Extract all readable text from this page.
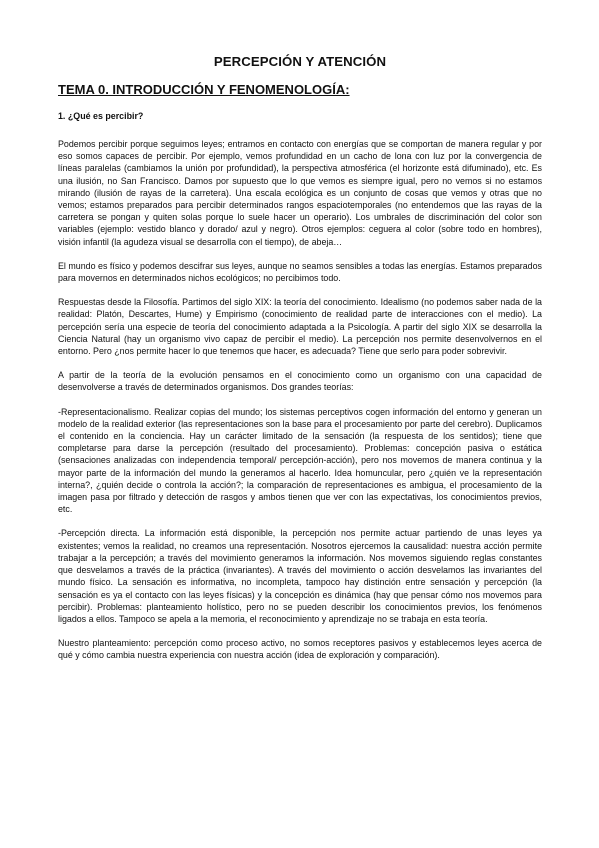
PERCEPCIÓN Y ATENCIÓN
TEMA 0. INTRODUCCIÓN Y FENOMENOLOGÍA:

1. ¿Qué es percibir?

Podemos percibir porque seguimos leyes; entramos en contacto con energías que se comportan de manera regular y por eso somos capaces de percibir. Por ejemplo, vemos profundidad en un cacho de lona con luz por la convergencia de líneas paralelas (cambiamos la unión por profundidad), la perspectiva atmosférica (el horizonte está difuminado), etc. Es una ilusión, no San Francisco. Damos por supuesto que lo que vemos es siempre igual, pero no vemos si no estamos mirando (ilusión de rayas de la carretera). Una escala ecológica es un conjunto de cosas que vemos y otras que no vemos; estamos preparados para percibir determinados rangos espaciotemporales (no entendemos que las rayas de la carretera se pongan y quiten solas porque lo suele hacer un operario). Los umbrales de discriminación del color son variables (ejemplo: vestido blanco y dorado/ azul y negro). Otros ejemplos: ceguera al color (sobre todo en hombres), visión infantil (la agudeza visual se desarrolla con el tiempo), de abeja…

El mundo es físico y podemos descifrar sus leyes, aunque no seamos sensibles a todas las energías. Estamos preparados para movernos en determinados nichos ecológicos; no percibimos todo.

Respuestas desde la Filosofía. Partimos del siglo XIX: la teoría del conocimiento. Idealismo (no podemos saber nada de la realidad: Platón, Descartes, Hume) y Empirismo (conocimiento de realidad parte de interacciones con el medio). La percepción sería una especie de teoría del conocimiento adaptada a la Psicología. A partir del siglo XIX se desarrolla la Ciencia Natural (hay un organismo vivo capaz de percibir el medio). La percepción nos permite desenvolvernos en el entorno. Pero ¿nos permite hacer lo que tenemos que hacer, es adecuada? Tiene que serlo para poder sobrevivir.

A partir de la teoría de la evolución pensamos en el conocimiento como un organismo con una capacidad de desenvolverse a través de determinados organismos. Dos grandes teorías:

-Representacionalismo. Realizar copias del mundo; los sistemas perceptivos cogen información del entorno y generan un modelo de la realidad exterior (las representaciones son la base para el procesamiento por parte del cerebro). Duplicamos el contenido en la conciencia. Hay un carácter limitado de la sensación (la respuesta de los sentidos); tiene que completarse para darse la percepción (resultado del procesamiento). Problemas: concepción pasiva o estática (sensaciones analizadas con independencia temporal/ percepción-acción), pero nos movemos de manera continua y la mayor parte de la información del mundo la generamos al hacerlo. Idea homuncular, pero ¿quién ve la representación interna?, ¿quién decide o controla la acción?; la comparación de representaciones es ambigua, el procesamiento de la imagen pasa por filtrado y detección de rasgos y ambos tienen que ver con las expectativas, los conocimientos previos, etc.

-Percepción directa. La información está disponible, la percepción nos permite actuar partiendo de unas leyes ya existentes; vemos la realidad, no creamos una representación. Nosotros ejercemos la causalidad: nuestra acción permite trabajar a la percepción; a través del movimiento generamos la información. Nos movemos siguiendo reglas constantes que desvelamos a través de la práctica (invariantes). A través del movimiento o acción desvelamos las invariantes del mundo físico. La sensación es informativa, no incompleta, tampoco hay distinción entre sensación y percepción (la sensación es ya el contacto con las leyes físicas) y la concepción es dinámica (hay que pensar cómo nos movemos para percibir). Problemas: planteamiento holístico, pero no se pueden describir los conocimientos previos, los fenómenos ligados a ellos. Tampoco se apela a la memoria, el reconocimiento y aprendizaje no se trabaja en esta teoría.

Nuestro planteamiento: percepción como proceso activo, no somos receptores pasivos y establecemos leyes acerca de qué y cómo cambia nuestra experiencia con nuestra acción (idea de exploración y comparación).
